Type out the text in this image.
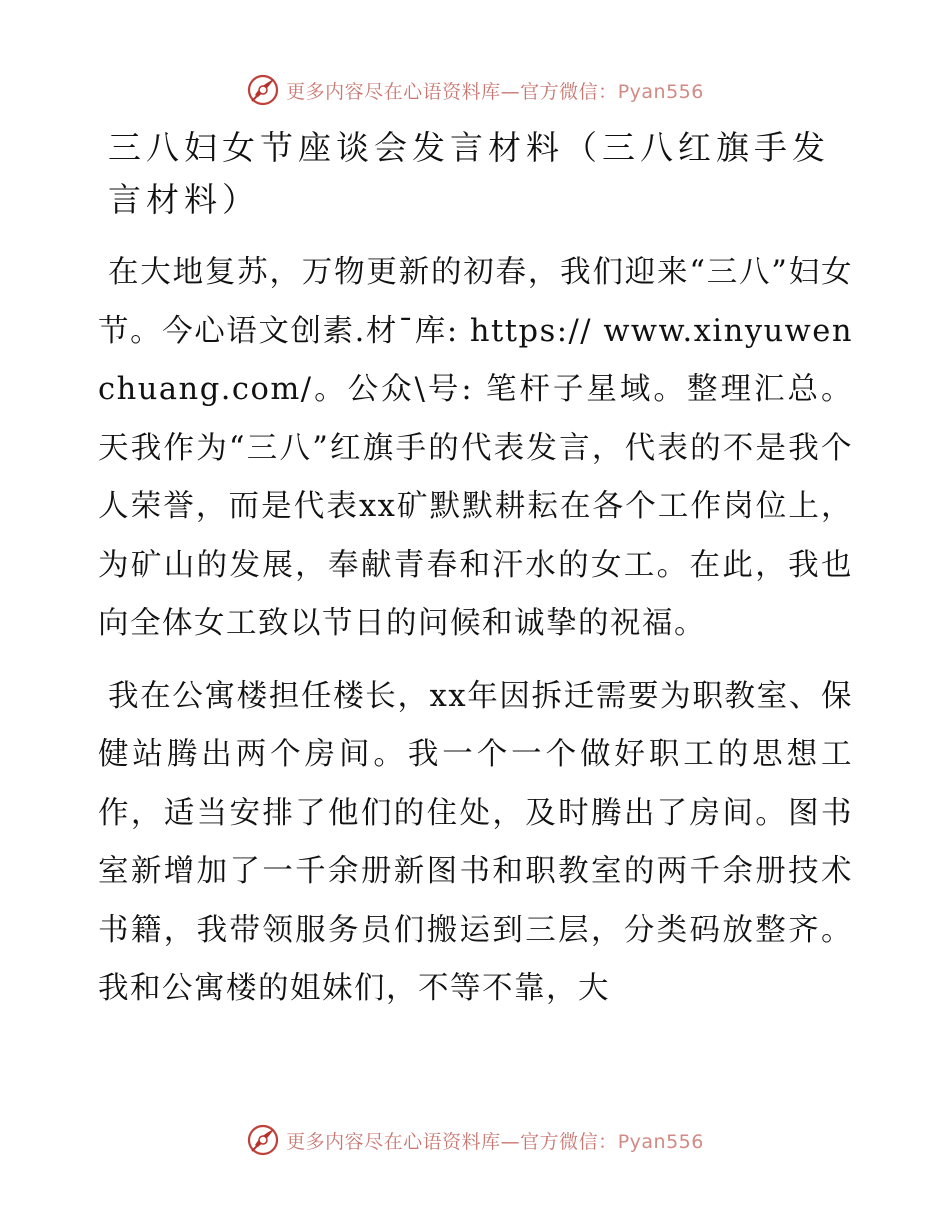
更多内容尽在心语资料库—官方微信：Pyan556
三八妇女节座谈会发言材料（三八红旗手发言材料）

在大地复苏，万物更新的初春，我们迎来“三八”妇女节。今心语文创素.材¯库: https:// www.xinyuwenchuang.com/。公众\号: 笔杆子星域。整理汇总。天我作为“三八”红旗手的代表发言，代表的不是我个人荣誉，而是代表xx矿默默耕耘在各个工作岗位上，为矿山的发展，奉献青春和汗水的女工。在此，我也向全体女工致以节日的问候和诚挚的祝福。

我在公寓楼担任楼长，xx年因拆迁需要为职教室、保健站腾出两个房间。我一个一个做好职工的思想工作，适当安排了他们的住处，及时腾出了房间。图书室新增加了一千余册新图书和职教室的两千余册技术书籍，我带领服务员们搬运到三层，分类码放整齐。我和公寓楼的姐妹们，不等不靠，大

更多内容尽在心语资料库—官方微信：Pyan556
